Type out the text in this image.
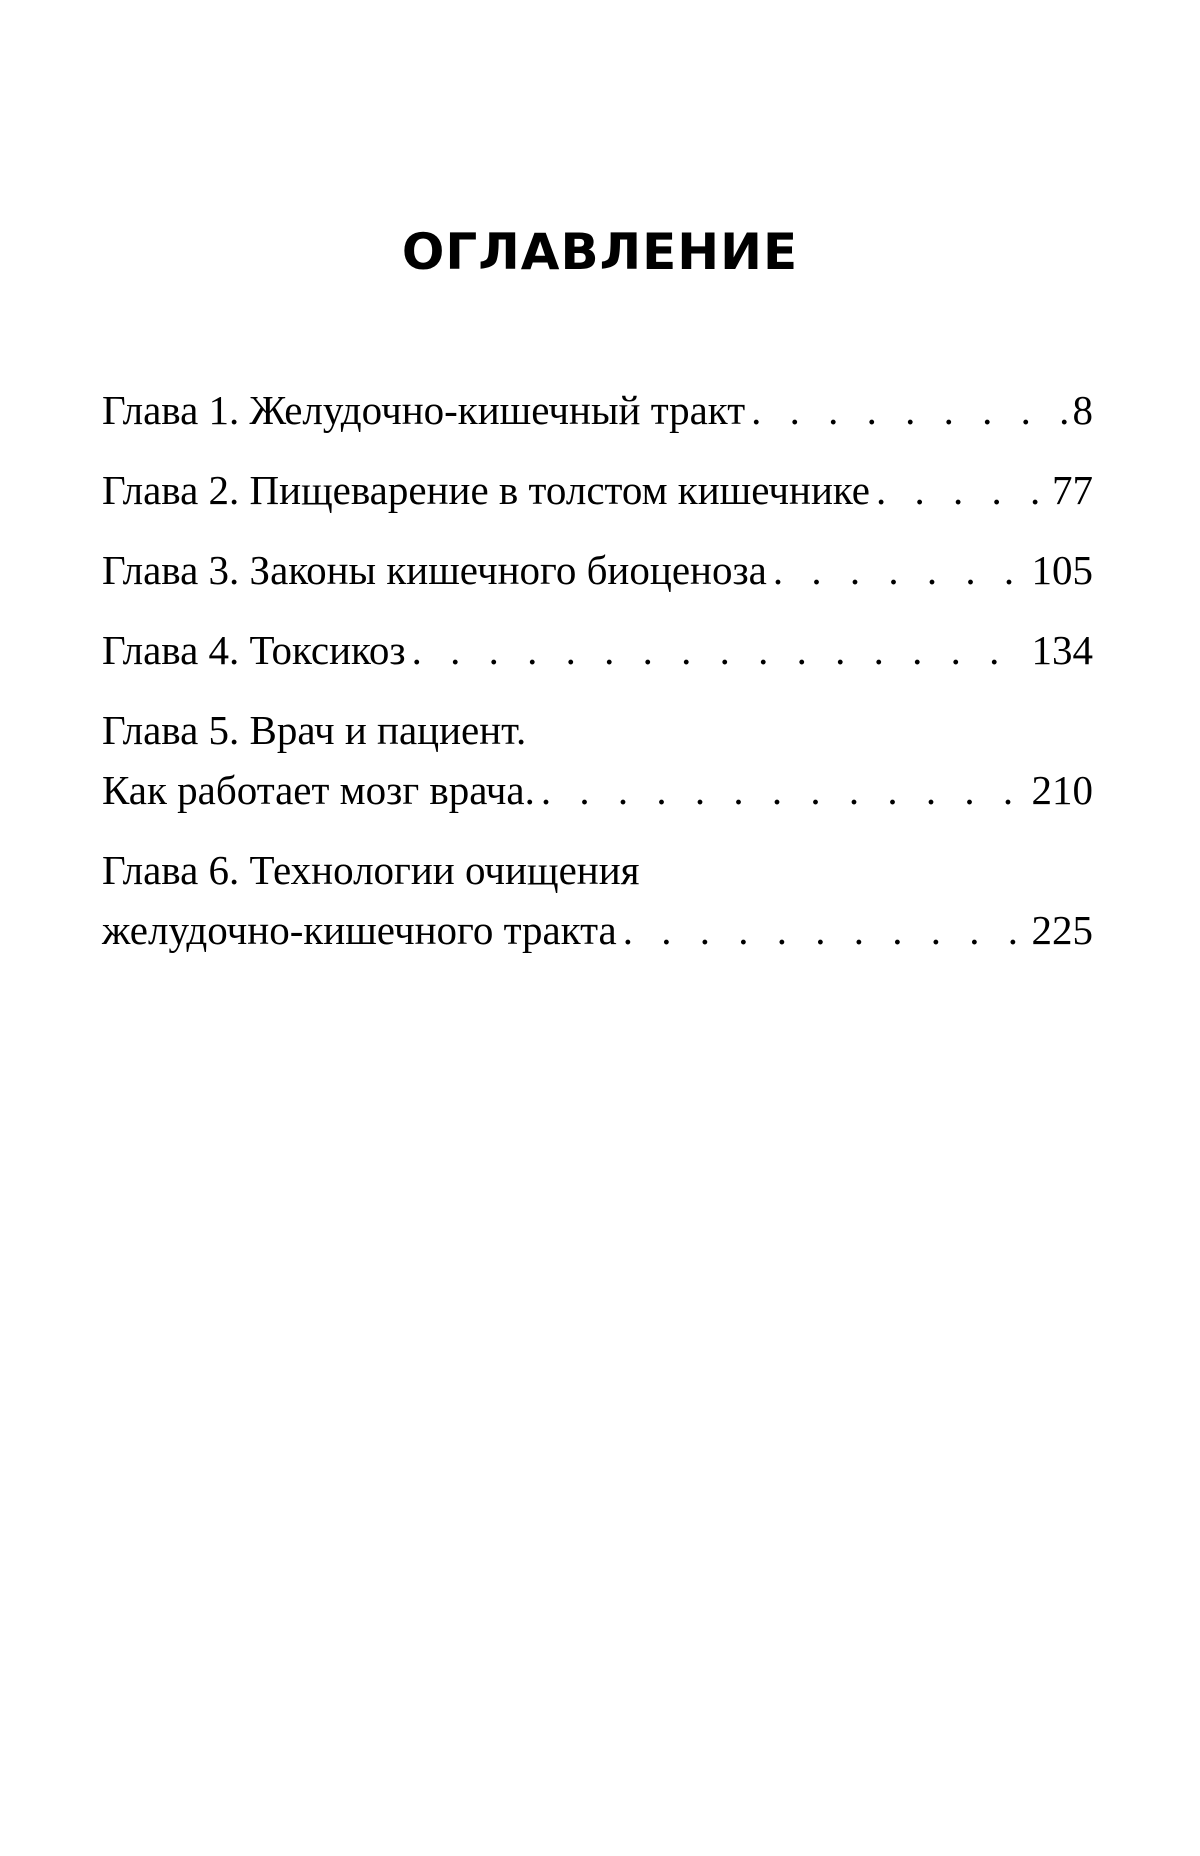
ОГЛАВЛЕНИЕ
Глава 1. Желудочно-кишечный тракт . . .	8
Глава 2. Пищеварение в толстом кишечнике . . .	77
Глава 3. Законы кишечного биоценоза . . .	105
Глава 4. Токсикоз . . .	134
Глава 5. Врач и пациент.
Как работает мозг врача. . . .	210
Глава 6. Технологии очищения
желудочно-кишечного тракта . . .	225
